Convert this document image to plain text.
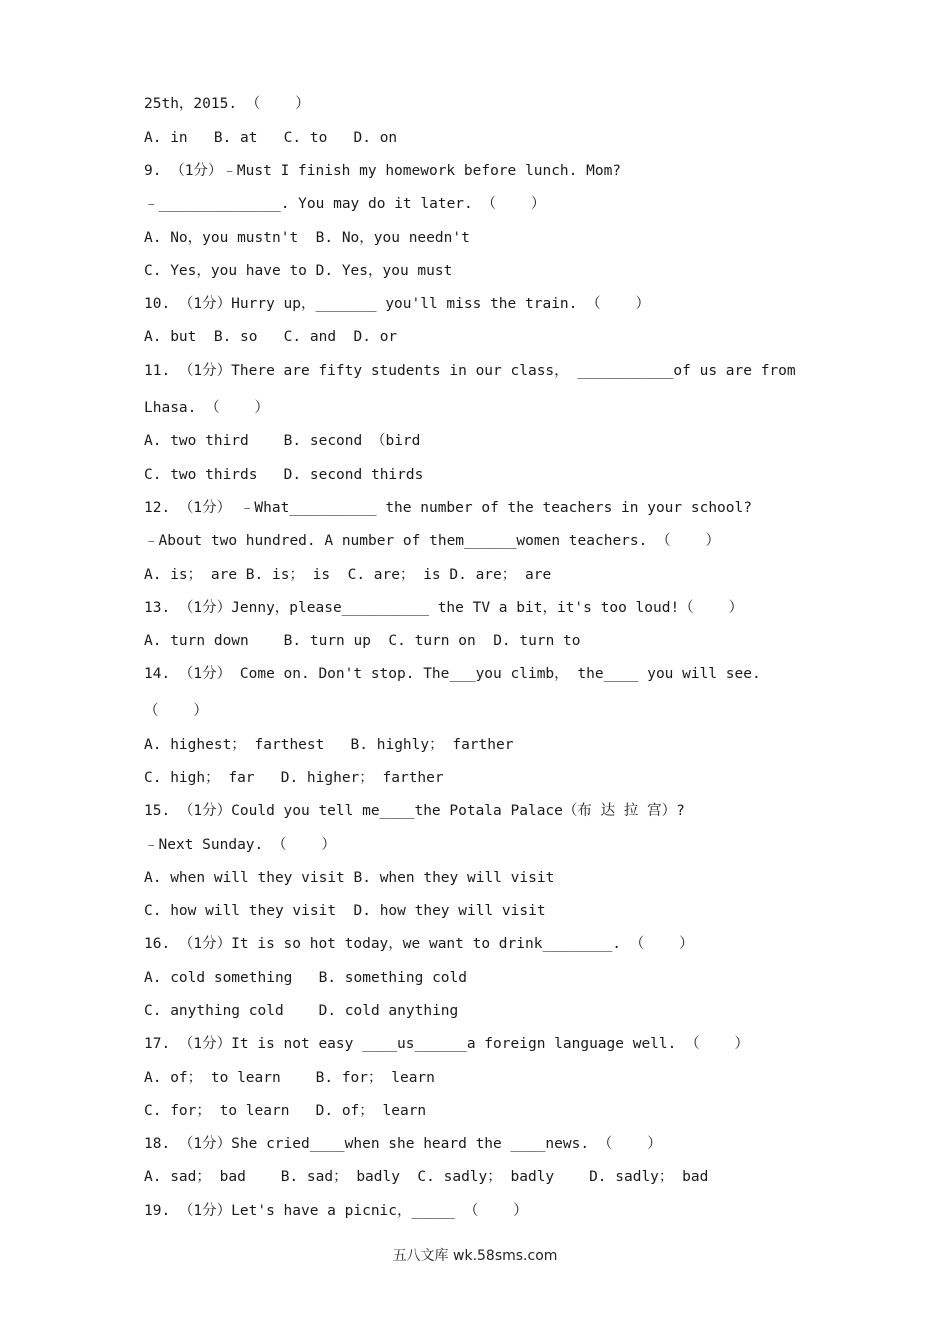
25th，2015. （    ）
A. in   B. at   C. to   D. on
9. （1分）﹣Must I finish my homework before lunch. Mom?
﹣______________. You may do it later. （    ）
A. No，you mustn't  B. No，you needn't
C. Yes，you have to D. Yes，you must
10. （1分）Hurry up，_______ you'll miss the train. （    ）
A. but  B. so   C. and  D. or
11. （1分）There are fifty students in our class， ___________of us are from
Lhasa. （    ）
A. two third    B. second （bird
C. two thirds   D. second thirds
12. （1分） ﹣What__________ the number of the teachers in your school?
﹣About two hundred. A number of them______women teachers. （    ）
A. is； are B. is； is  C. are； is D. are； are
13. （1分）Jenny，please__________ the TV a bit，it's too loud!（    ）
A. turn down    B. turn up  C. turn on  D. turn to
14. （1分） Come on. Don't stop. The___you climb， the____ you will see.
（    ）
A. highest； farthest   B. highly； farther
C. high； far   D. higher； farther
15. （1分）Could you tell me____the Potala Palace（布 达 拉 宫）?
﹣Next Sunday. （    ）
A. when will they visit B. when they will visit
C. how will they visit  D. how they will visit
16. （1分）It is so hot today，we want to drink________. （    ）
A. cold something   B. something cold
C. anything cold    D. cold anything
17. （1分）It is not easy ____us______a foreign language well. （    ）
A. of； to learn    B. for； learn
C. for； to learn   D. of； learn
18. （1分）She cried____when she heard the ____news. （    ）
A. sad； bad    B. sad； badly  C. sadly； badly    D. sadly； bad
19. （1分）Let's have a picnic，_____ （    ）
五八文库 wk.58sms.com
